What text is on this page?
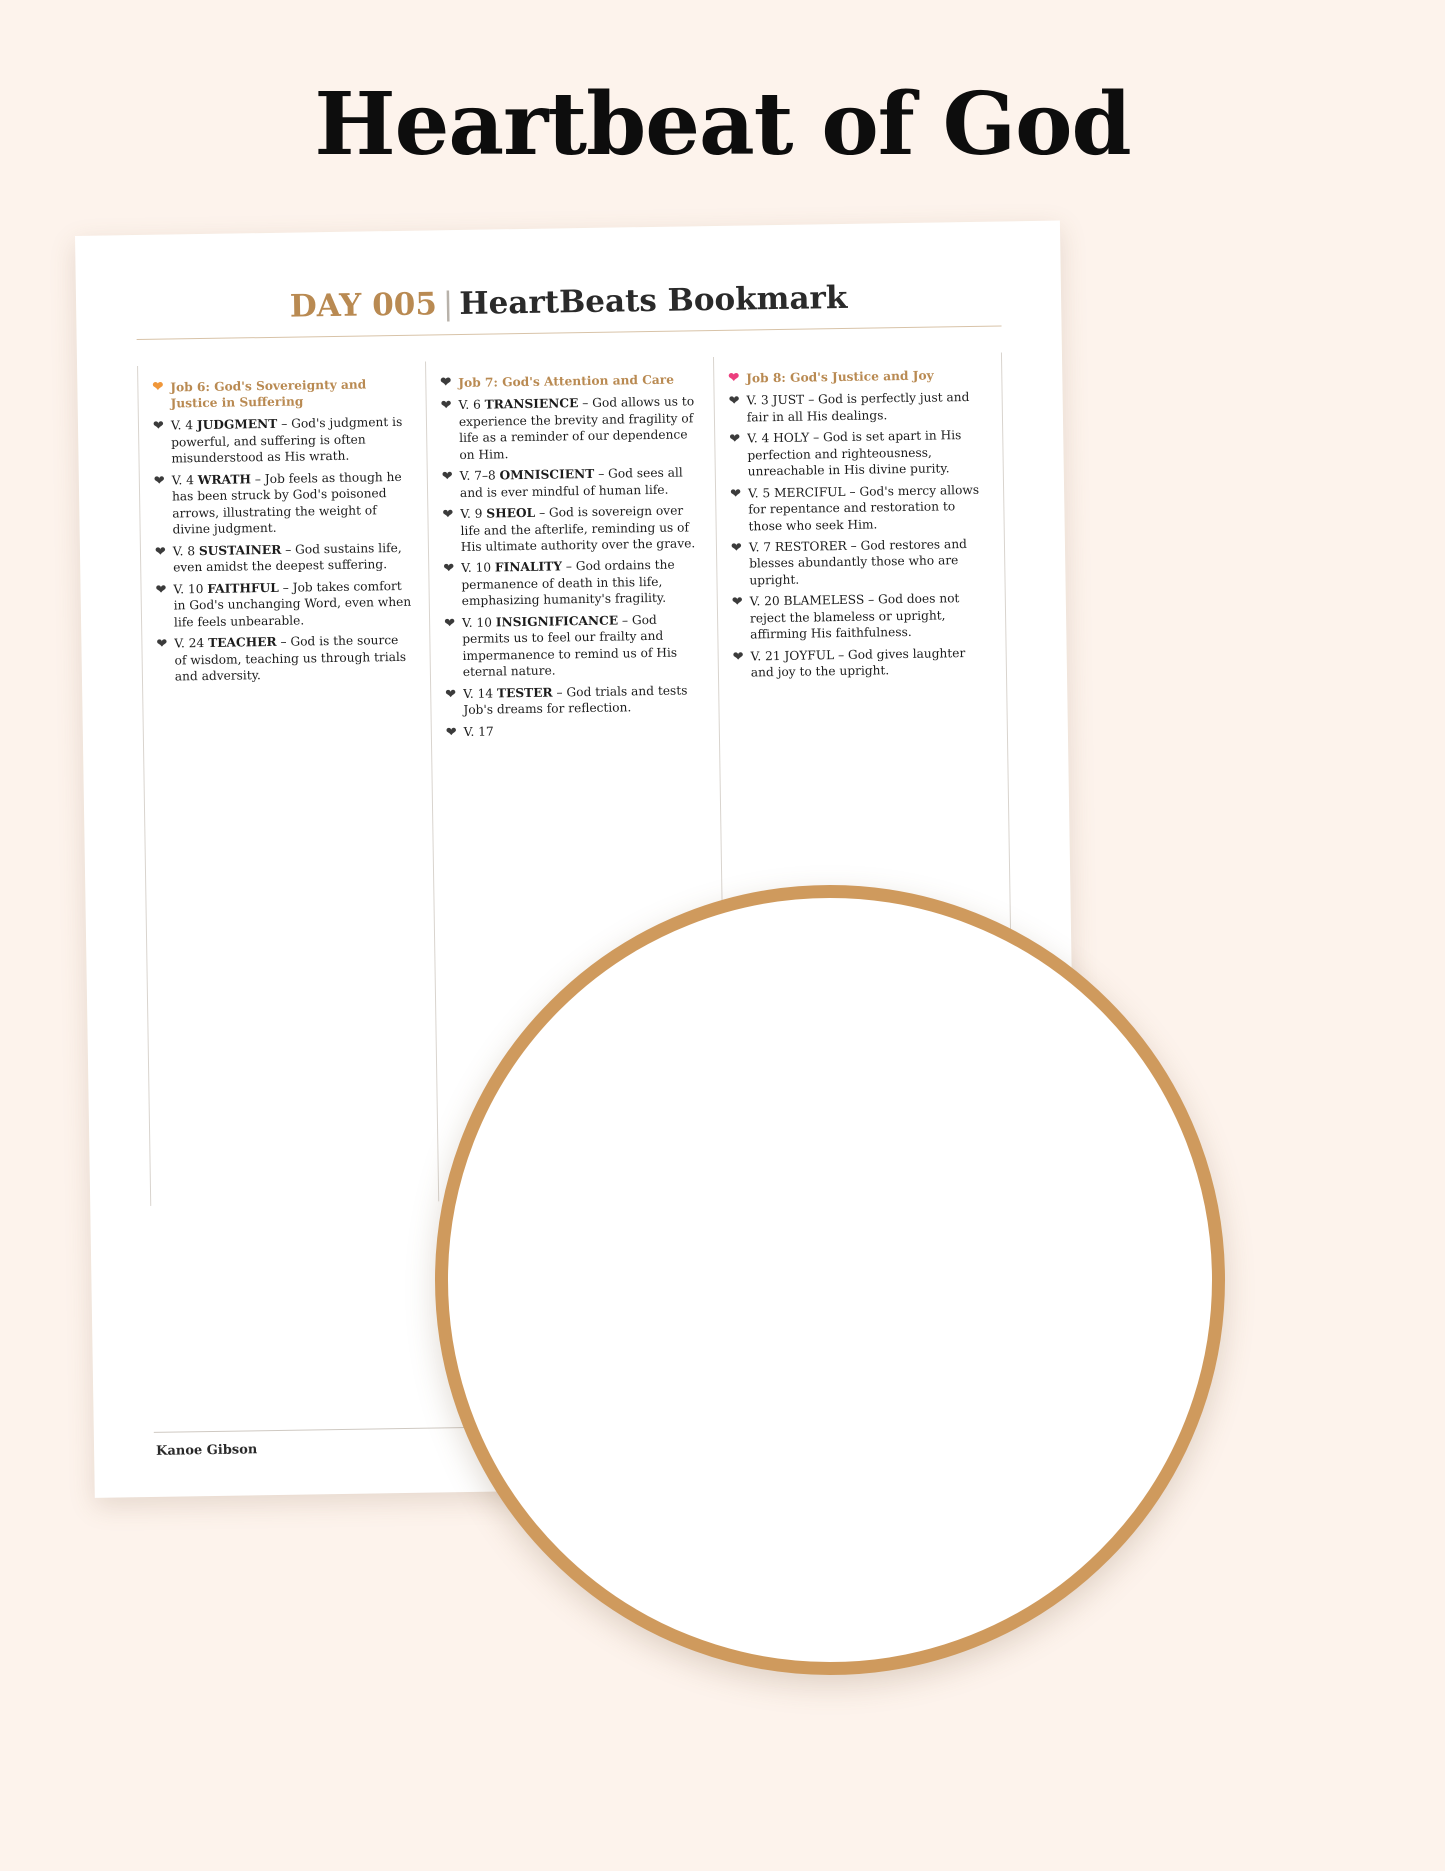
Heartbeat of God
DAY 005 | HeartBeats Bookmark
❤ Job 6: God's Sovereignty and Justice in Suffering
❤ V. 4 JUDGMENT – God's judgment is powerful, and suffering is often misunderstood as His wrath.
❤ V. 4 WRATH – Job feels as though he has been struck by God's poisoned arrows, illustrating the weight of divine judgment.
❤ V. 8 SUSTAINER – God sustains life, even amidst the deepest suffering.
❤ V. 10 FAITHFUL – Job takes comfort in God's unchanging Word, even when life feels unbearable.
❤ V. 24 TEACHER – God is the source of wisdom, teaching us through trials and adversity.
❤ Job 7: God's Attention and Care
❤ V. 6 TRANSIENCE – God allows us to experience the brevity and fragility of life as a reminder of our dependence on Him.
❤ V. 7–8 OMNISCIENT – God sees all and is ever mindful of human life.
❤ V. 9 SHEOL – God is sovereign over life and the afterlife, reminding us of His ultimate authority over the grave.
❤ V. 10 FINALITY – God ordains the permanence of death in this life, emphasizing humanity's fragility.
❤ V. 10 INSIGNIFICANCE – God permits us to feel our frailty and impermanence to remind us of His eternal nature.
❤ V. 14 TESTER – God trials and tests Job's dreams for reflection.
❤ V. 17
❤ Job 8: God's Justice and Joy
❤ V. 3 JUST – God is perfectly just and fair in all His dealings.
❤ V. 4 HOLY – God is set apart in His perfection and righteousness, unreachable in His divine purity.
❤ V. 5 MERCIFUL – God's mercy allows for repentance and restoration to those who seek Him.
❤ V. 7 RESTORER – God restores and blesses abundantly those who are upright.
❤ V. 20 BLAMELESS – God does not reject the blameless or upright, affirming His faithfulness.
❤ V. 21 JOYFUL – God gives laughter and joy to the upright.
Kanoe Gibson
